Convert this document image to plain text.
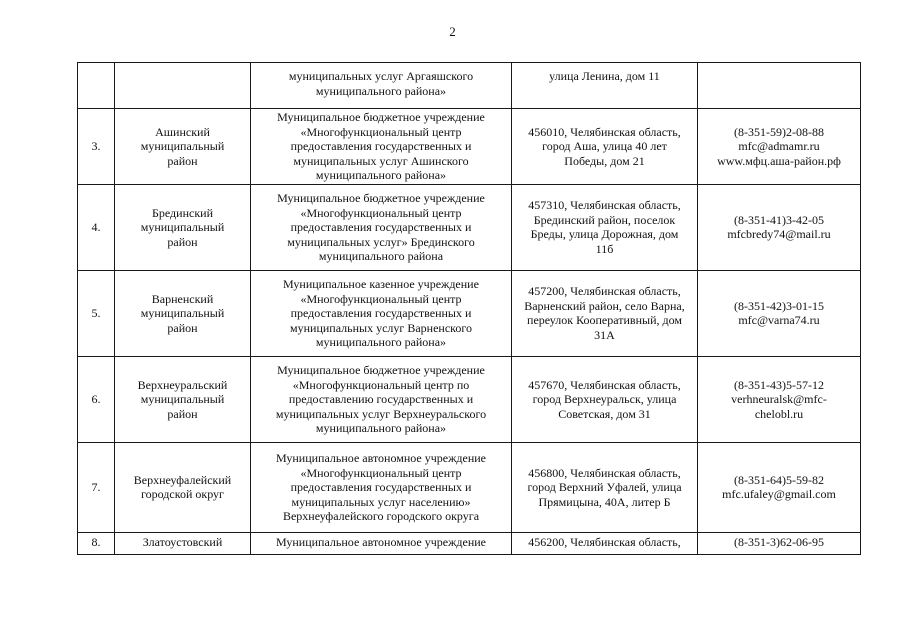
2

		муниципальных услуг Аргаяшского
муниципального района»	улица Ленина, дом 11	

3.	Ашинский
муниципальный
район	Муниципальное бюджетное учреждение
«Многофункциональный центр
предоставления государственных и
муниципальных услуг Ашинского
муниципального района»	456010, Челябинская область,
город Аша, улица 40 лет
Победы, дом 21	(8-351-59)2-08-88
mfc@admamr.ru
www.мфц.аша-район.рф

4.	Брединский
муниципальный
район	Муниципальное бюджетное учреждение
«Многофункциональный центр
предоставления государственных и
муниципальных услуг» Брединского
муниципального района	457310, Челябинская область,
Брединский район, поселок
Бреды, улица Дорожная, дом
11б	(8-351-41)3-42-05
mfcbredy74@mail.ru

5.	Варненский
муниципальный
район	Муниципальное казенное учреждение
«Многофункциональный центр
предоставления государственных и
муниципальных услуг Варненского
муниципального района»	457200, Челябинская область,
Варненский район, село Варна,
переулок Кооперативный, дом
31А	(8-351-42)3-01-15
mfc@varna74.ru

6.	Верхнеуральский
муниципальный
район	Муниципальное бюджетное учреждение
«Многофункциональный центр по
предоставлению государственных и
муниципальных услуг Верхнеуральского
муниципального района»	457670, Челябинская область,
город Верхнеуральск, улица
Советская, дом 31	(8-351-43)5-57-12
verhneuralsk@mfc-
chelobl.ru

7.	Верхнеуфалейский
городской округ	Муниципальное автономное учреждение
«Многофункциональный центр
предоставления государственных и
муниципальных услуг населению»
Верхнеуфалейского городского округа	456800, Челябинская область,
город Верхний Уфалей, улица
Прямицына, 40А, литер Б	(8-351-64)5-59-82
mfc.ufaley@gmail.com

8.	Златоустовский	Муниципальное автономное учреждение	456200, Челябинская область,	(8-351-3)62-06-95
